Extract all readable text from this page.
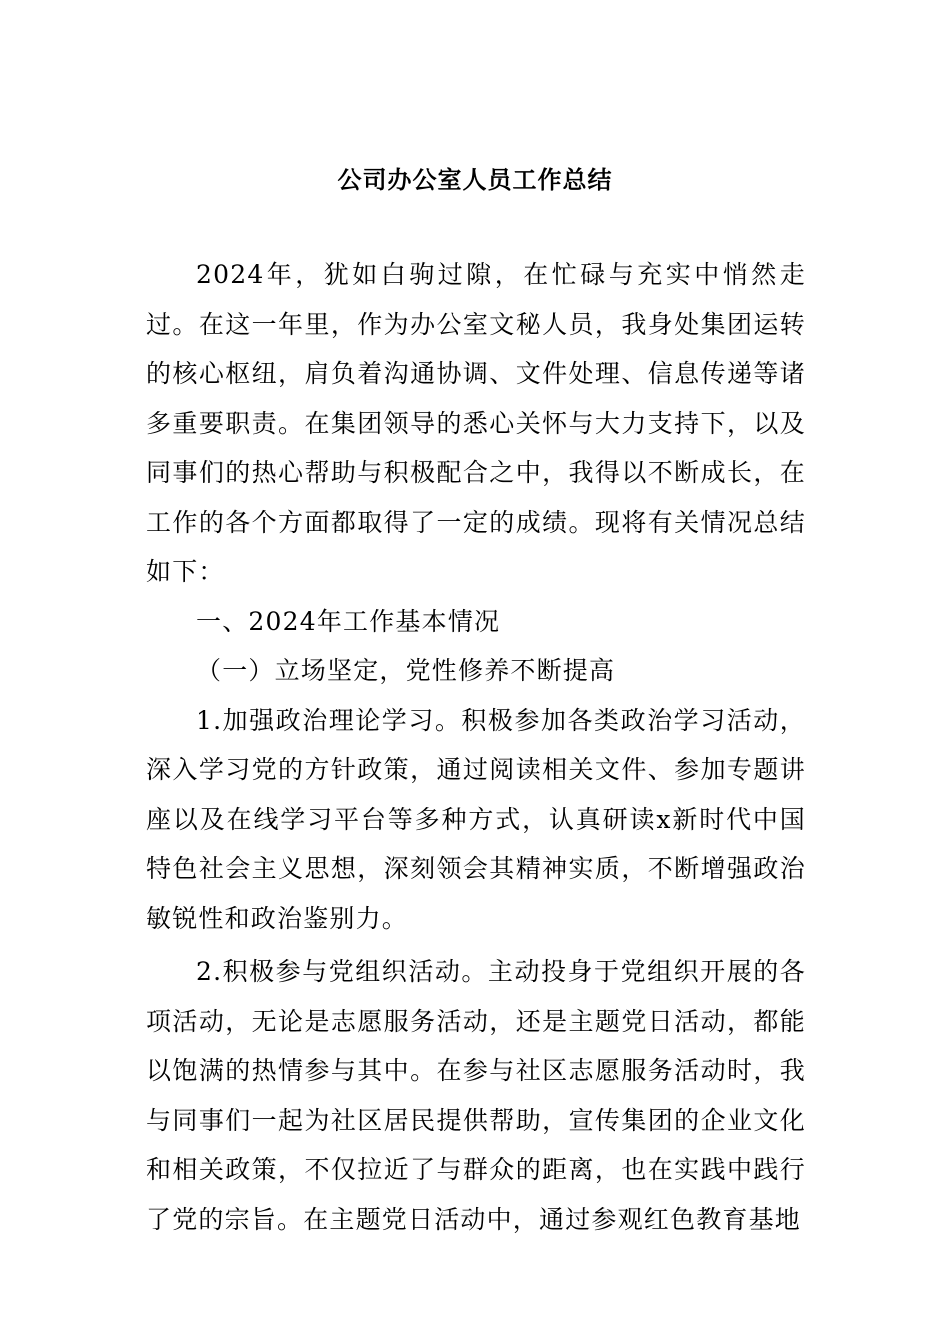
公司办公室人员工作总结

2024年，犹如白驹过隙，在忙碌与充实中悄然走过。在这一年里，作为办公室文秘人员，我身处集团运转的核心枢纽，肩负着沟通协调、文件处理、信息传递等诸多重要职责。在集团领导的悉心关怀与大力支持下，以及同事们的热心帮助与积极配合之中，我得以不断成长，在工作的各个方面都取得了一定的成绩。现将有关情况总结如下：

一、2024年工作基本情况

（一）立场坚定，党性修养不断提高

1.加强政治理论学习。积极参加各类政治学习活动，深入学习党的方针政策，通过阅读相关文件、参加专题讲座以及在线学习平台等多种方式，认真研读x新时代中国特色社会主义思想，深刻领会其精神实质，不断增强政治敏锐性和政治鉴别力。

2.积极参与党组织活动。主动投身于党组织开展的各项活动，无论是志愿服务活动，还是主题党日活动，都能以饱满的热情参与其中。在参与社区志愿服务活动时，我与同事们一起为社区居民提供帮助，宣传集团的企业文化和相关政策，不仅拉近了与群众的距离，也在实践中践行了党的宗旨。在主题党日活动中，通过参观红色教育基地
